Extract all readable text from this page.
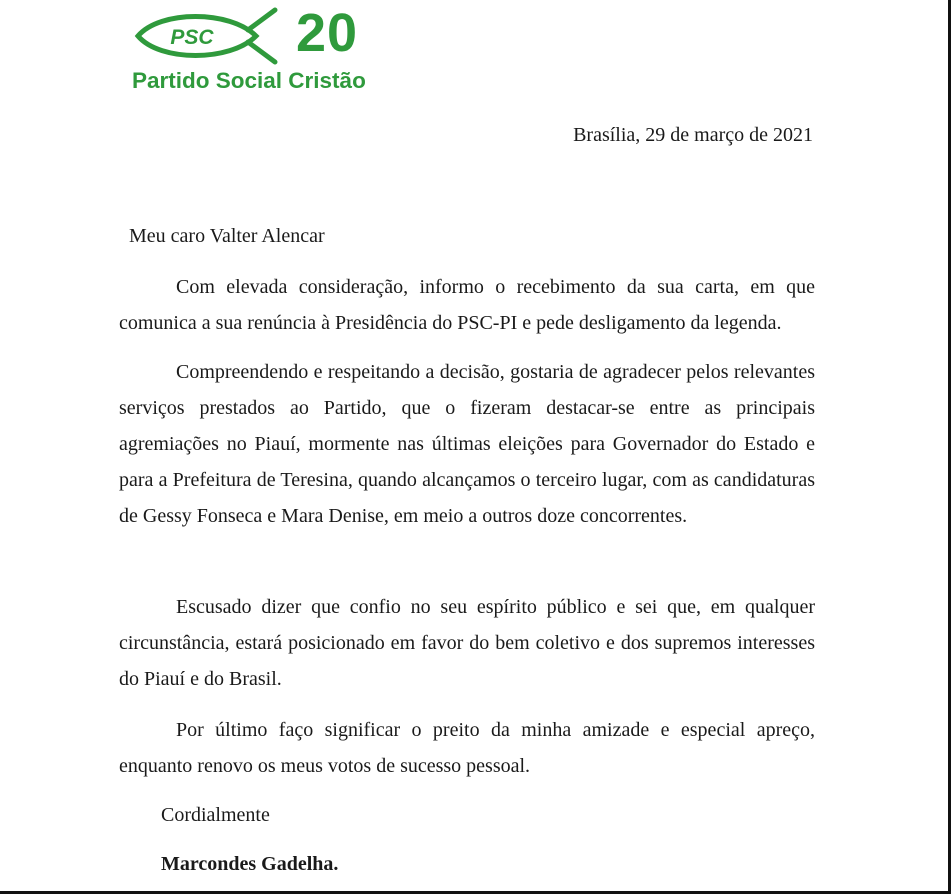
PSC 20
Partido Social Cristão
Brasília, 29 de março de 2021
Meu caro Valter Alencar

Com elevada consideração, informo o recebimento da sua carta, em que comunica a sua renúncia à Presidência do PSC-PI e pede desligamento da legenda.

Compreendendo e respeitando a decisão, gostaria de agradecer pelos relevantes serviços prestados ao Partido, que o fizeram destacar-se entre as principais agremiações no Piauí, mormente nas últimas eleições para Governador do Estado e para a Prefeitura de Teresina, quando alcançamos o terceiro lugar, com as candidaturas de Gessy Fonseca e Mara Denise, em meio a outros doze concorrentes.

Escusado dizer que confio no seu espírito público e sei que, em qualquer circunstância, estará posicionado em favor do bem coletivo e dos supremos interesses do Piauí e do Brasil.

Por último faço significar o preito da minha amizade e especial apreço, enquanto renovo os meus votos de sucesso pessoal.

Cordialmente
Marcondes Gadelha.
